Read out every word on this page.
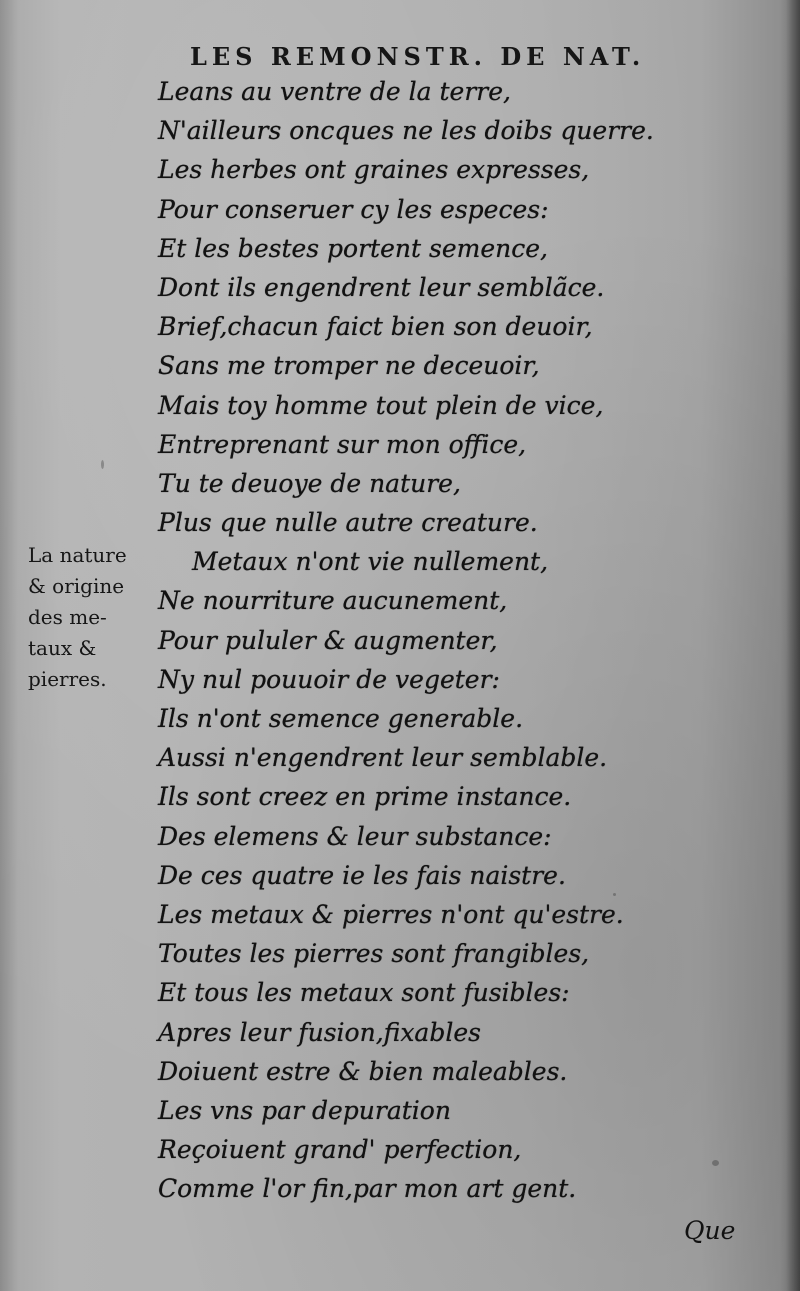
LES REMONSTR. DE NAT.
Leans au ventre de la terre,
N'ailleurs oncques ne les doibs querre.
Les herbes ont graines expresses,
Pour conseruer cy les especes:
Et les bestes portent semence,
Dont ils engendrent leur semblãce.
Brief,chacun faict bien son deuoir,
Sans me tromper ne deceuoir,
Mais toy homme tout plein de vice,
Entreprenant sur mon office,
Tu te deuoye de nature,
Plus que nulle autre creature.
Metaux n'ont vie nullement,
Ne nourriture aucunement,
Pour pululer & augmenter,
Ny nul pouuoir de vegeter:
Ils n'ont semence generable.
Aussi n'engendrent leur semblable.
Ils sont creez en prime instance.
Des elemens & leur substance:
De ces quatre ie les fais naistre.
Les metaux & pierres n'ont qu'estre.
Toutes les pierres sont frangibles,
Et tous les metaux sont fusibles:
Apres leur fusion,fixables
Doiuent estre & bien maleables.
Les vns par depuration
Reçoiuent grand' perfection,
Comme l'or fin,par mon art gent.
La nature
& origine
des me-
taux &
pierres.
Que
